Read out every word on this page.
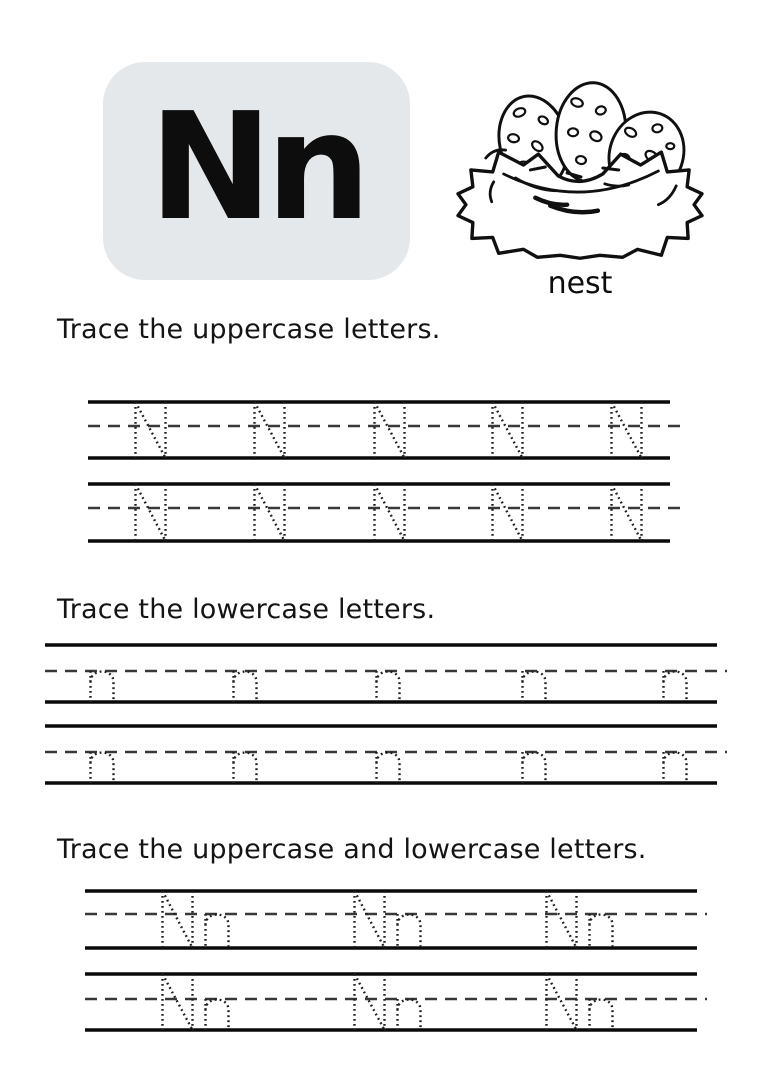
Nn
nest
Trace the uppercase letters.
Trace the lowercase letters.
Trace the uppercase and lowercase letters.
